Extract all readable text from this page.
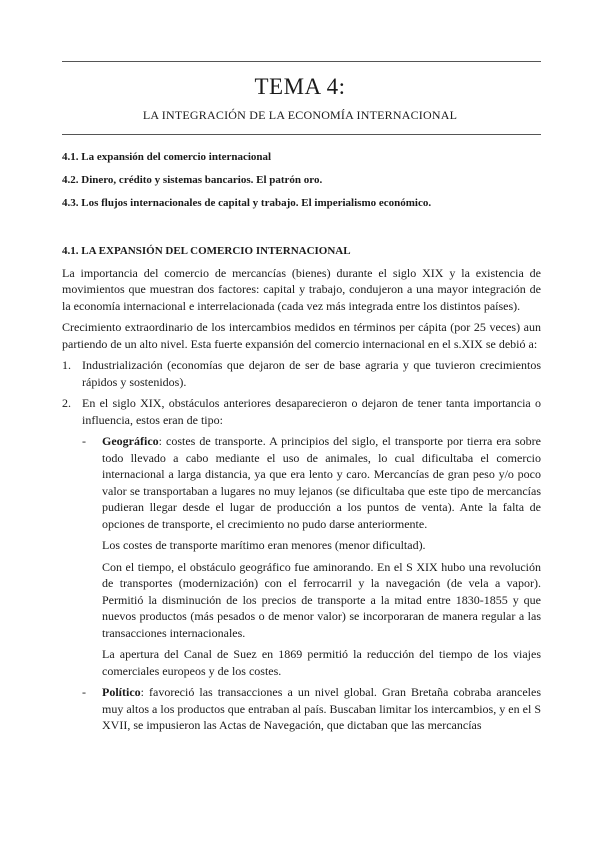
TEMA 4:
LA INTEGRACIÓN DE LA ECONOMÍA INTERNACIONAL
4.1. La expansión del comercio internacional
4.2. Dinero, crédito y sistemas bancarios. El patrón oro.
4.3. Los flujos internacionales de capital y trabajo. El imperialismo económico.
4.1. LA EXPANSIÓN DEL COMERCIO INTERNACIONAL

La importancia del comercio de mercancías (bienes) durante el siglo XIX y la existencia de movimientos que muestran dos factores: capital y trabajo, condujeron a una mayor integración de la economía internacional e interrelacionada (cada vez más integrada entre los distintos países).

Crecimiento extraordinario de los intercambios medidos en términos per cápita (por 25 veces) aun partiendo de un alto nivel. Esta fuerte expansión del comercio internacional en el s.XIX se debió a:

1. Industrialización (economías que dejaron de ser de base agraria y que tuvieron crecimientos rápidos y sostenidos).
2. En el siglo XIX, obstáculos anteriores desaparecieron o dejaron de tener tanta importancia o influencia, estos eran de tipo:
- Geográfico: costes de transporte. A principios del siglo, el transporte por tierra era sobre todo llevado a cabo mediante el uso de animales, lo cual dificultaba el comercio internacional a larga distancia, ya que era lento y caro. Mercancías de gran peso y/o poco valor se transportaban a lugares no muy lejanos (se dificultaba que este tipo de mercancías pudieran llegar desde el lugar de producción a los puntos de venta). Ante la falta de opciones de transporte, el crecimiento no pudo darse anteriormente.

Los costes de transporte marítimo eran menores (menor dificultad).

Con el tiempo, el obstáculo geográfico fue aminorando. En el S XIX hubo una revolución de transportes (modernización) con el ferrocarril y la navegación (de vela a vapor). Permitió la disminución de los precios de transporte a la mitad entre 1830-1855 y que nuevos productos (más pesados o de menor valor) se incorporaran de manera regular a las transacciones internacionales.

La apertura del Canal de Suez en 1869 permitió la reducción del tiempo de los viajes comerciales europeos y de los costes.

- Político: favoreció las transacciones a un nivel global. Gran Bretaña cobraba aranceles muy altos a los productos que entraban al país. Buscaban limitar los intercambios, y en el S XVII, se impusieron las Actas de Navegación, que dictaban que las mercancías
